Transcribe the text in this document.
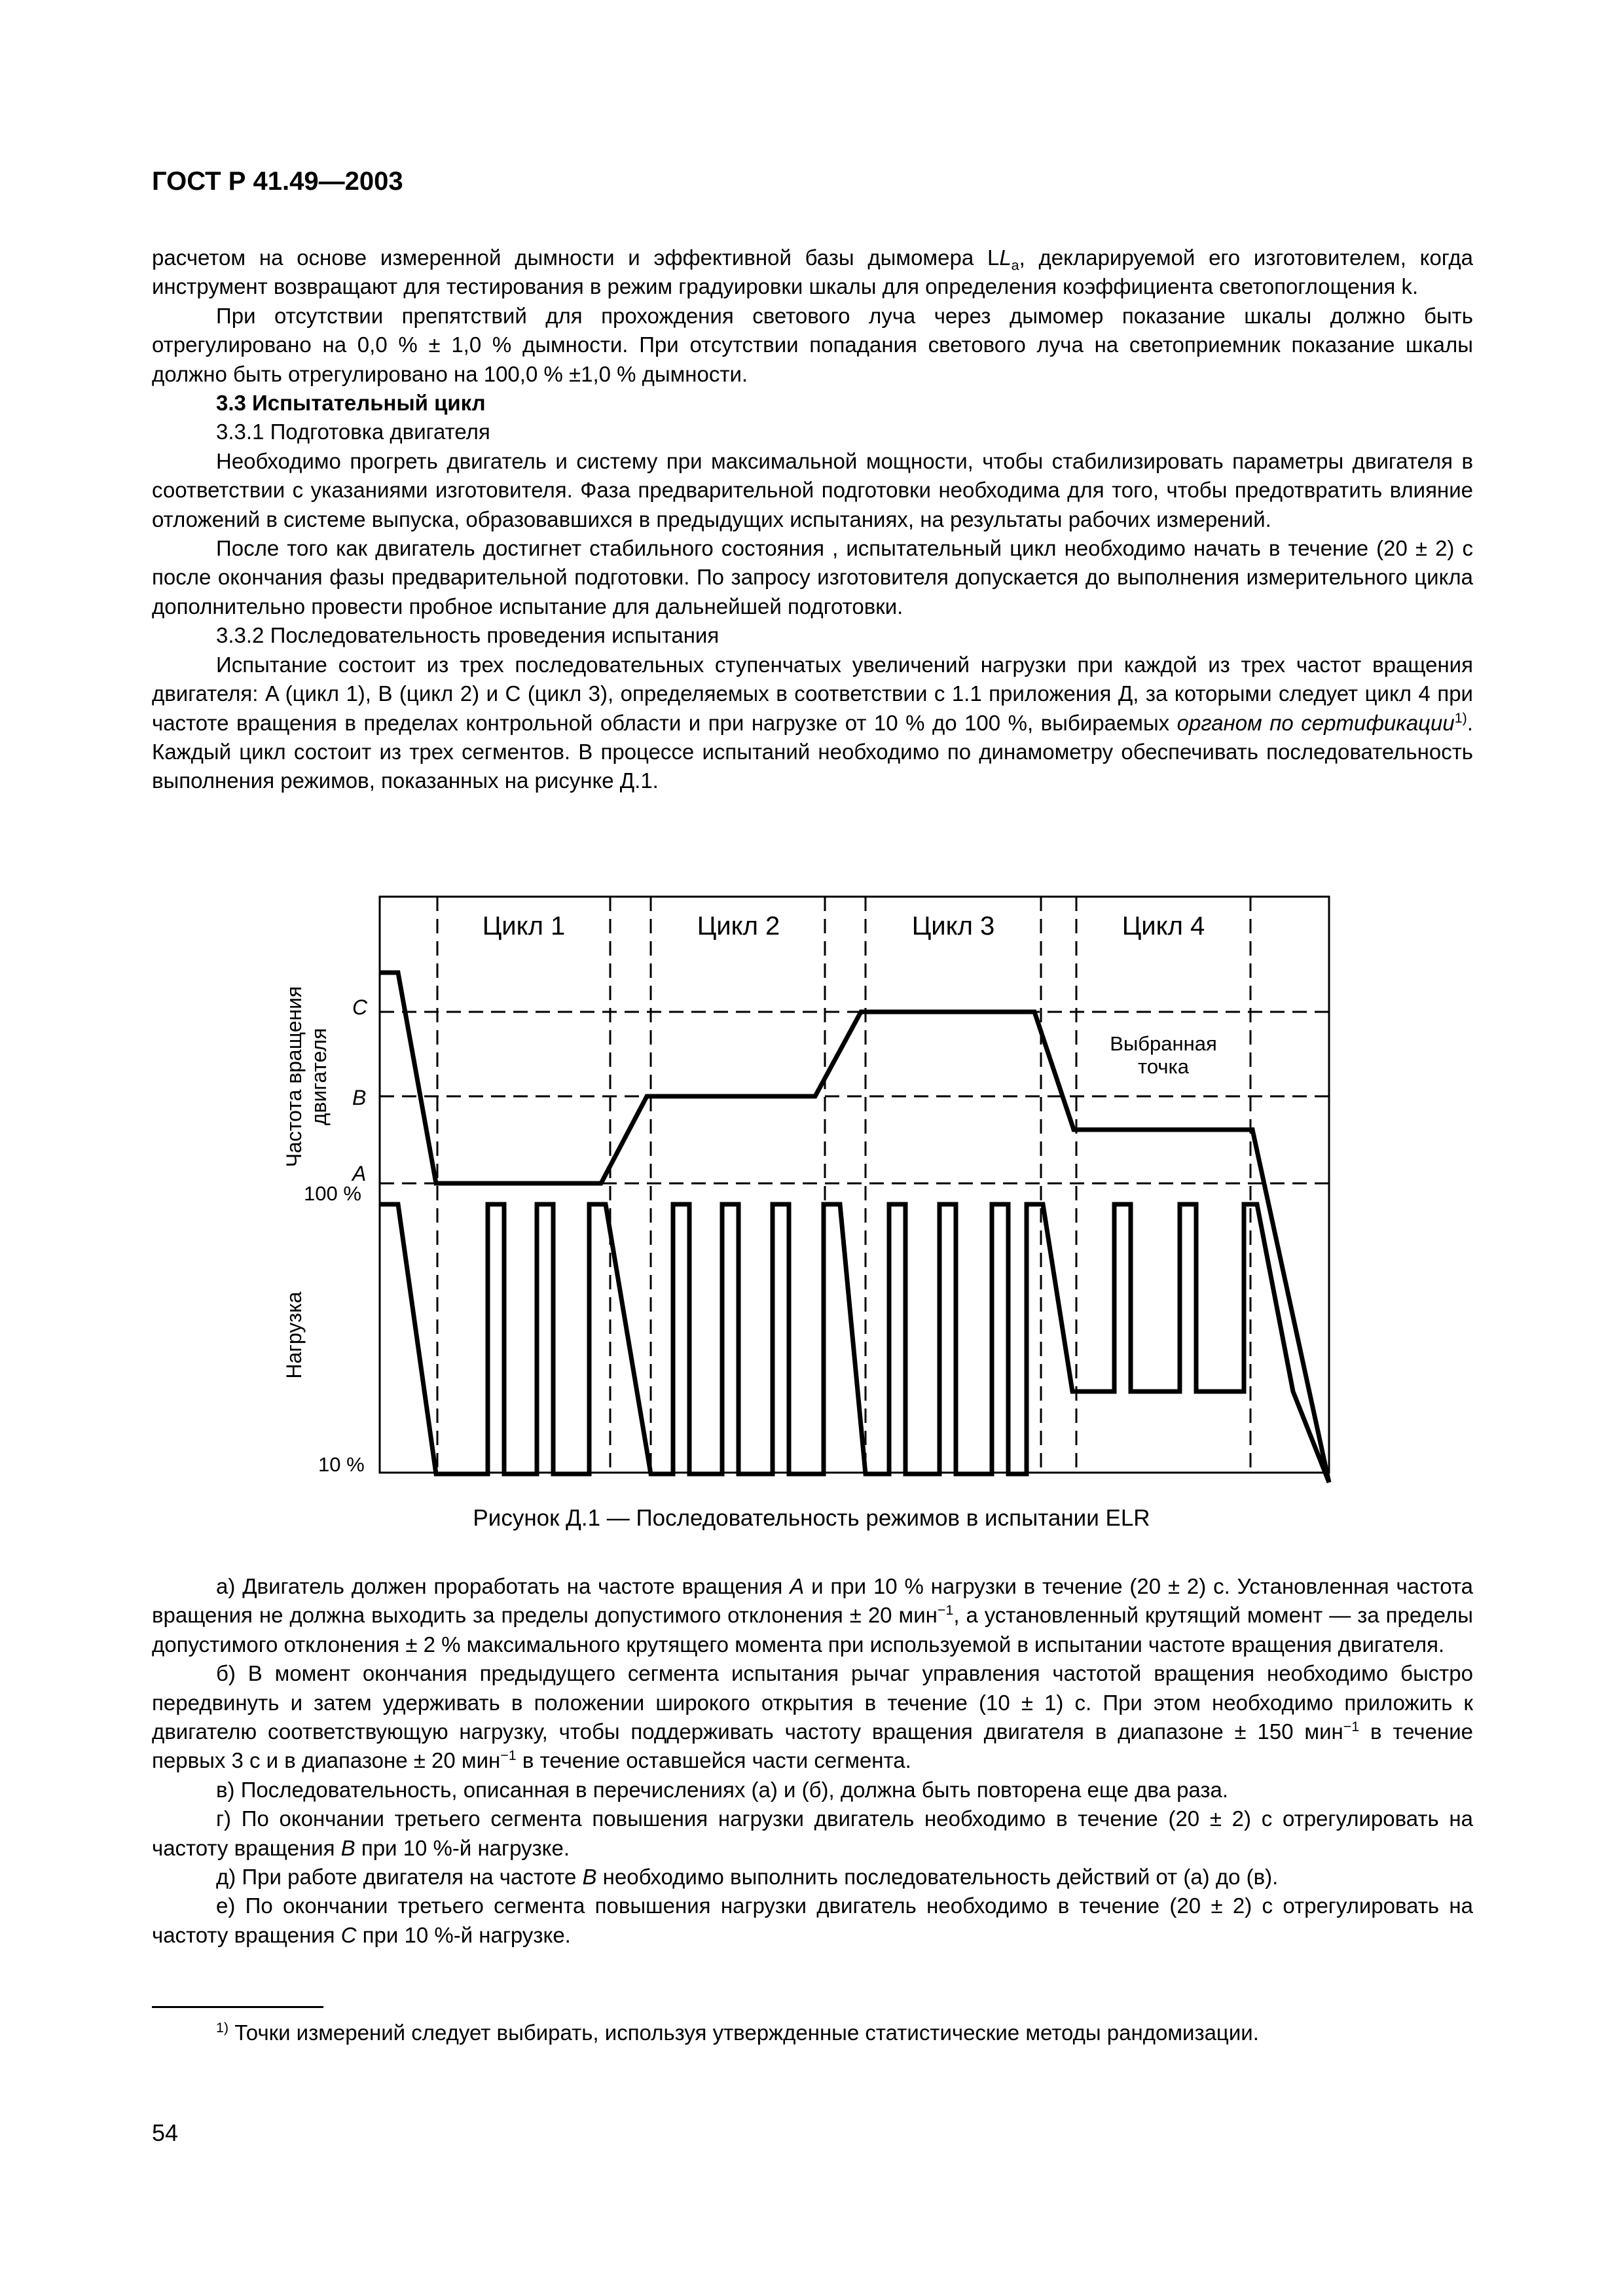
ГОСТ Р 41.49—2003

расчетом на основе измеренной дымности и эффективной базы дымомера $LL_a$, декларируемой его изготовителем, когда инструмент возвращают для тестирования в режим градуировки шкалы для определения коэффициента светопоглощения k.

При отсутствии препятствий для прохождения светового луча через дымомер показание шкалы должно быть отрегулировано на 0,0 % ± 1,0 % дымности. При отсутствии попадания светового луча на светоприемник показание шкалы должно быть отрегулировано на 100,0 % ±1,0 % дымности.

3.3 Испытательный цикл

3.3.1 Подготовка двигателя

Необходимо прогреть двигатель и систему при максимальной мощности, чтобы стабилизировать параметры двигателя в соответствии с указаниями изготовителя. Фаза предварительной подготовки необходима для того, чтобы предотвратить влияние отложений в системе выпуска, образовавшихся в предыдущих испытаниях, на результаты рабочих измерений.

После того как двигатель достигнет стабильного состояния , испытательный цикл необходимо начать в течение (20 ± 2) с после окончания фазы предварительной подготовки. По запросу изготовителя допускается до выполнения измерительного цикла дополнительно провести пробное испытание для дальнейшей подготовки.

3.3.2 Последовательность проведения испытания

Испытание состоит из трех последовательных ступенчатых увеличений нагрузки при каждой из трех частот вращения двигателя: A (цикл 1), B (цикл 2) и C (цикл 3), определяемых в соответствии с 1.1 приложения Д, за которыми следует цикл 4 при частоте вращения в пределах контрольной области и при нагрузке от 10 % до 100 %, выбираемых органом по сертификации$^{1)}$. Каждый цикл состоит из трех сегментов. В процессе испытаний необходимо по динамометру обеспечивать последовательность выполнения режимов, показанных на рисунке Д.1.

Цикл 1	Цикл 2	Цикл 3	Цикл 4
C
B
A
100 %
10 %
Выбранная
точка
Частота вращения двигателя
Нагрузка
Рисунок Д.1 — Последовательность режимов в испытании ELR

а) Двигатель должен проработать на частоте вращения A и при 10 % нагрузки в течение (20 ± 2) с. Установленная частота вращения не должна выходить за пределы допустимого отклонения ± 20 мин$^{-1}$, а установленный крутящий момент — за пределы допустимого отклонения ± 2 % максимального крутящего момента при используемой в испытании частоте вращения двигателя.

б) В момент окончания предыдущего сегмента испытания рычаг управления частотой вращения необходимо быстро передвинуть и затем удерживать в положении широкого открытия в течение (10 ± 1) с. При этом необходимо приложить к двигателю соответствующую нагрузку, чтобы поддерживать частоту вращения двигателя в диапазоне ± 150 мин$^{-1}$ в течение первых 3 с и в диапазоне ± 20 мин$^{-1}$ в течение оставшейся части сегмента.

в) Последовательность, описанная в перечислениях (а) и (б), должна быть повторена еще два раза.

г) По окончании третьего сегмента повышения нагрузки двигатель необходимо в течение (20 ± 2) с отрегулировать на частоту вращения B при 10 %-й нагрузке.

д) При работе двигателя на частоте B необходимо выполнить последовательность действий от (а) до (в).

е) По окончании третьего сегмента повышения нагрузки двигатель необходимо в течение (20 ± 2) с отрегулировать на частоту вращения C при 10 %-й нагрузке.

$^{1)}$ Точки измерений следует выбирать, используя утвержденные статистические методы рандомизации.
54
